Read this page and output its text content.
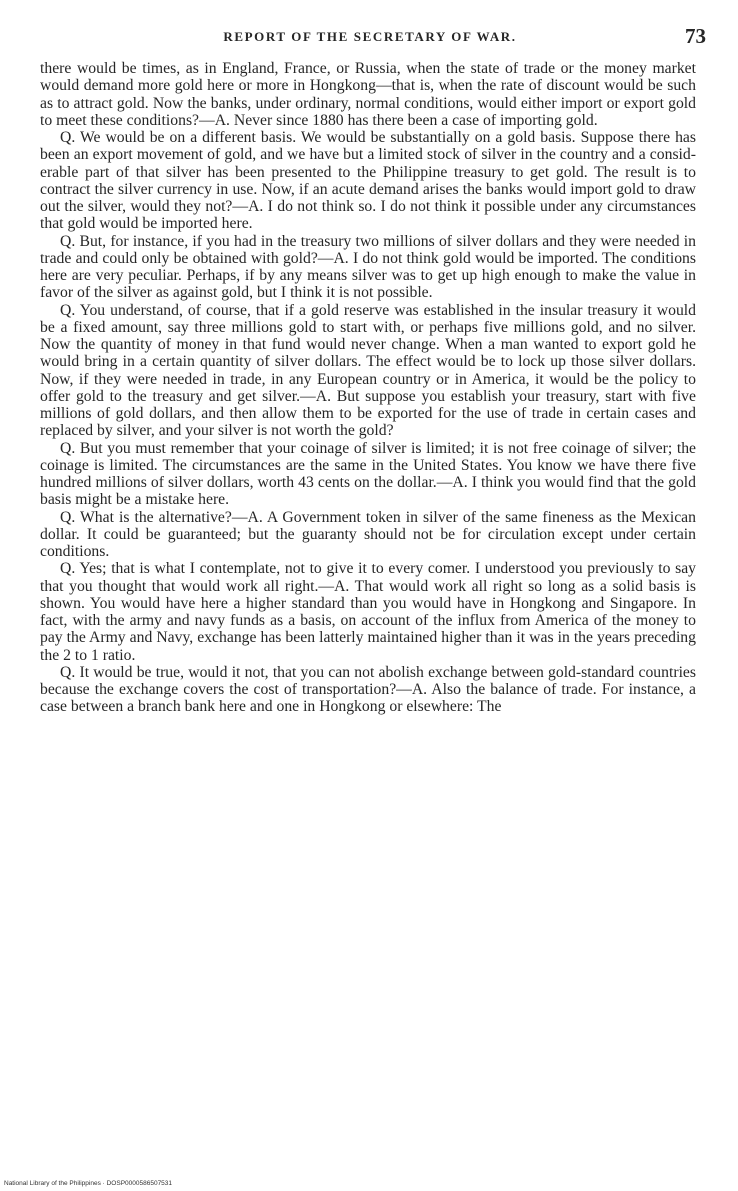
REPORT OF THE SECRETARY OF WAR.	73

there would be times, as in England, France, or Russia, when the state of trade or the money market would demand more gold here or more in Hongkong—that is, when the rate of discount would be such as to attract gold. Now the banks, under ordinary, normal conditions, would either import or export gold to meet these conditions?—A. Never since 1880 has there been a case of importing gold.

Q. We would be on a different basis. We would be substantially on a gold basis. Suppose there has been an export movement of gold, and we have but a limited stock of silver in the country and a considerable part of that silver has been presented to the Philippine treasury to get gold. The result is to contract the silver currency in use. Now, if an acute demand arises the banks would import gold to draw out the silver, would they not?—A. I do not think so. I do not think it possible under any circumstances that gold would be imported here.

Q. But, for instance, if you had in the treasury two millions of silver dollars and they were needed in trade and could only be obtained with gold?—A. I do not think gold would be imported. The conditions here are very peculiar. Perhaps, if by any means silver was to get up high enough to make the value in favor of the silver as against gold, but I think it is not possible.

Q. You understand, of course, that if a gold reserve was established in the insular treasury it would be a fixed amount, say three millions gold to start with, or perhaps five millions gold, and no silver. Now the quantity of money in that fund would never change. When a man wanted to export gold he would bring in a certain quantity of silver dollars. The effect would be to lock up those silver dollars. Now, if they were needed in trade, in any European country or in America, it would be the policy to offer gold to the treasury and get silver.—A. But suppose you establish your treasury, start with five millions of gold dollars, and then allow them to be exported for the use of trade in certain cases and replaced by silver, and your silver is not worth the gold?

Q. But you must remember that your coinage of silver is limited; it is not free coinage of silver; the coinage is limited. The circumstances are the same in the United States. You know we have there five hundred millions of silver dollars, worth 43 cents on the dollar.—A. I think you would find that the gold basis might be a mistake here.

Q. What is the alternative?—A. A Government token in silver of the same fineness as the Mexican dollar. It could be guaranteed; but the guaranty should not be for circulation except under certain conditions.

Q. Yes; that is what I contemplate, not to give it to every comer. I understood you previously to say that you thought that would work all right.—A. That would work all right so long as a solid basis is shown. You would have here a higher standard than you would have in Hongkong and Singapore. In fact, with the army and navy funds as a basis, on account of the influx from America of the money to pay the Army and Navy, exchange has been latterly maintained higher than it was in the years preceding the 2 to 1 ratio.

Q. It would be true, would it not, that you can not abolish exchange between gold-standard countries because the exchange covers the cost of transportation?—A. Also the balance of trade. For instance, a case between a branch bank here and one in Hongkong or elsewhere: The

National Library of the Philippines · DOSP0000586507531
